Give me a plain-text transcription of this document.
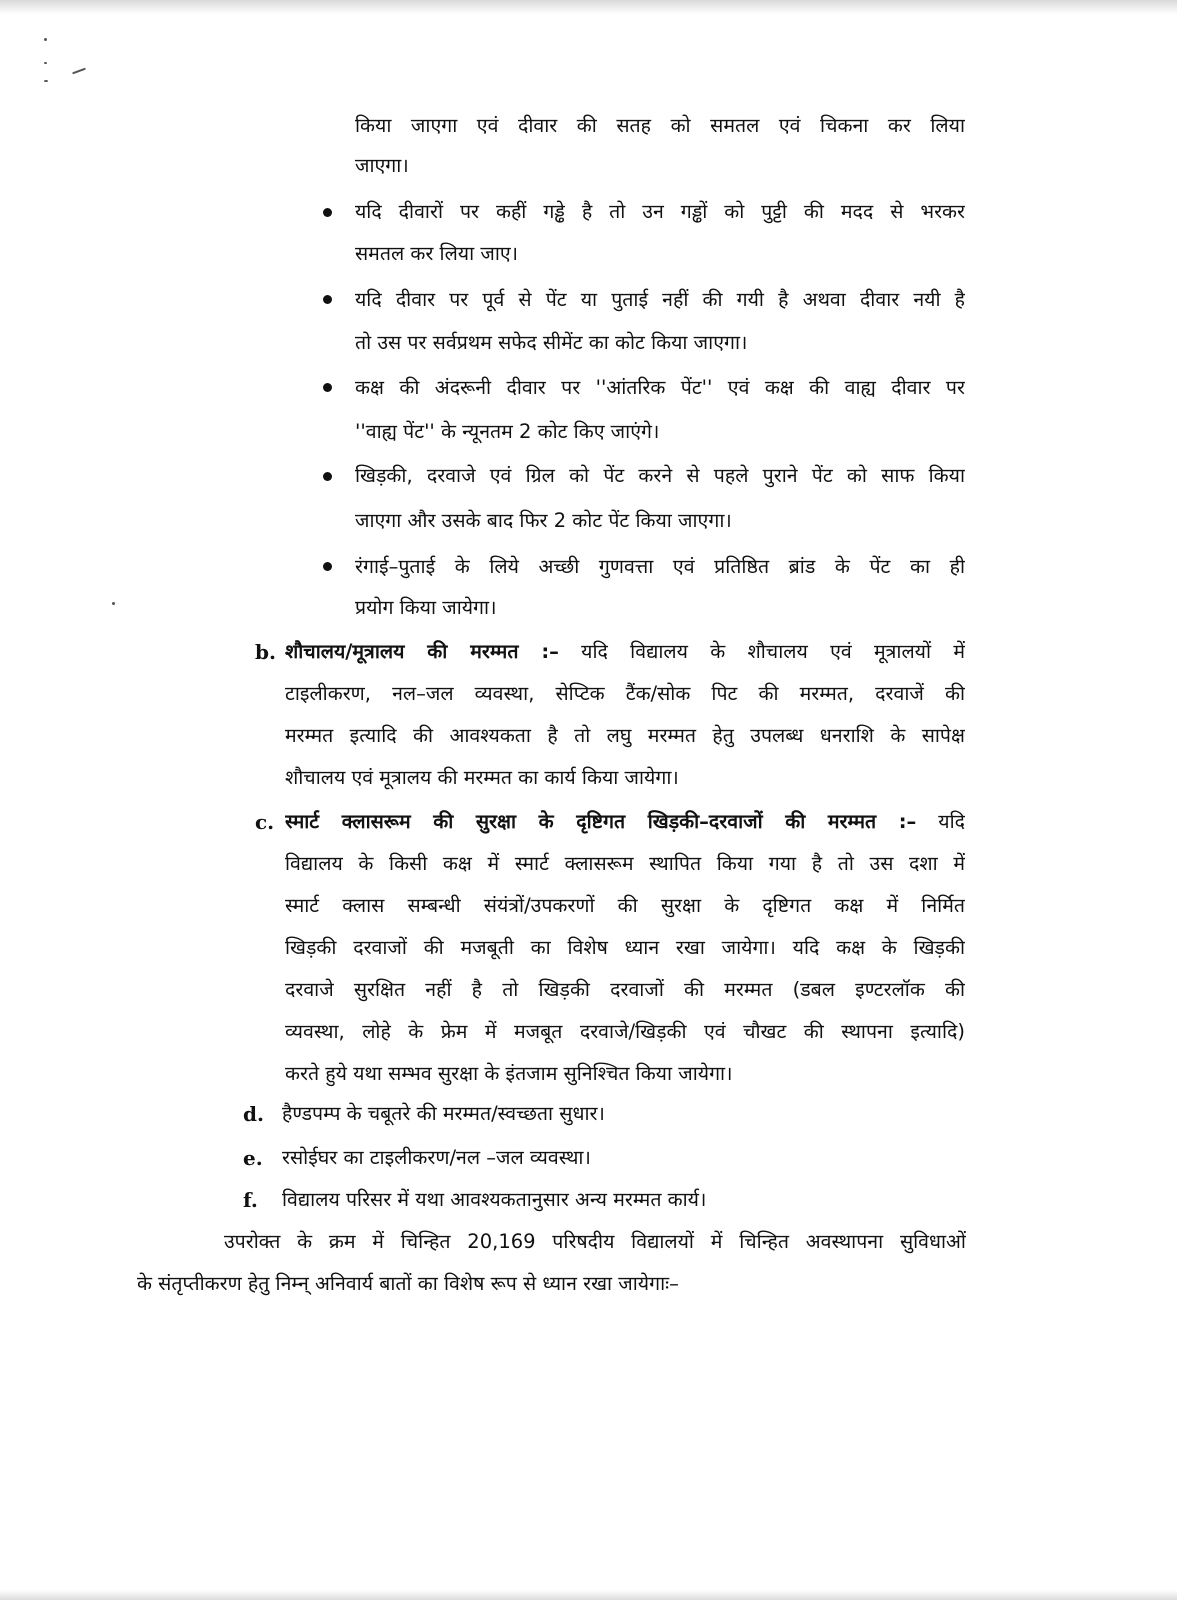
किया जाएगा एवं दीवार की सतह को समतल एवं चिकना कर लिया
जाएगा।
यदि दीवारों पर कहीं गड्ढे है तो उन गड्ढों को पुट्टी की मदद से भरकर
समतल कर लिया जाए।
यदि दीवार पर पूर्व से पेंट या पुताई नहीं की गयी है अथवा दीवार नयी है
तो उस पर सर्वप्रथम सफेद सीमेंट का कोट किया जाएगा।
कक्ष की अंदरूनी दीवार पर ''आंतरिक पेंट'' एवं कक्ष की वाह्य दीवार पर
''वाह्य पेंट'' के न्यूनतम 2 कोट किए जाएंगे।
खिड़की, दरवाजे एवं ग्रिल को पेंट करने से पहले पुराने पेंट को साफ किया
जाएगा और उसके बाद फिर 2 कोट पेंट किया जाएगा।
रंगाई–पुताई के लिये अच्छी गुणवत्ता एवं प्रतिष्ठित ब्रांड के पेंट का ही
प्रयोग किया जायेगा।
b. शौचालय/मूत्रालय की मरम्मत :– यदि विद्यालय के शौचालय एवं मूत्रालयों में
टाइलीकरण, नल–जल व्यवस्था, सेप्टिक टैंक/सोक पिट की मरम्मत, दरवाजें की
मरम्मत इत्यादि की आवश्यकता है तो लघु मरम्मत हेतु उपलब्ध धनराशि के सापेक्ष
शौचालय एवं मूत्रालय की मरम्मत का कार्य किया जायेगा।
c. स्मार्ट क्लासरूम की सुरक्षा के दृष्टिगत खिड़की–दरवाजों की मरम्मत :– यदि
विद्यालय के किसी कक्ष में स्मार्ट क्लासरूम स्थापित किया गया है तो उस दशा में
स्मार्ट क्लास सम्बन्धी संयंत्रों/उपकरणों की सुरक्षा के दृष्टिगत कक्ष में निर्मित
खिड़की दरवाजों की मजबूती का विशेष ध्यान रखा जायेगा। यदि कक्ष के खिड़की
दरवाजे सुरक्षित नहीं है तो खिड़की दरवाजों की मरम्मत (डबल इण्टरलॉक की
व्यवस्था, लोहे के फ्रेम में मजबूत दरवाजे/खिड़की एवं चौखट की स्थापना इत्यादि)
करते हुये यथा सम्भव सुरक्षा के इंतजाम सुनिश्चित किया जायेगा।
d. हैण्डपम्प के चबूतरे की मरम्मत/स्वच्छता सुधार।
e. रसोईघर का टाइलीकरण/नल –जल व्यवस्था।
f. विद्यालय परिसर में यथा आवश्यकतानुसार अन्य मरम्मत कार्य।
उपरोक्त के क्रम में चिन्हित 20,169 परिषदीय विद्यालयों में चिन्हित अवस्थापना सुविधाओं
के संतृप्तीकरण हेतु निम्न् अनिवार्य बातों का विशेष रूप से ध्यान रखा जायेगाः–
